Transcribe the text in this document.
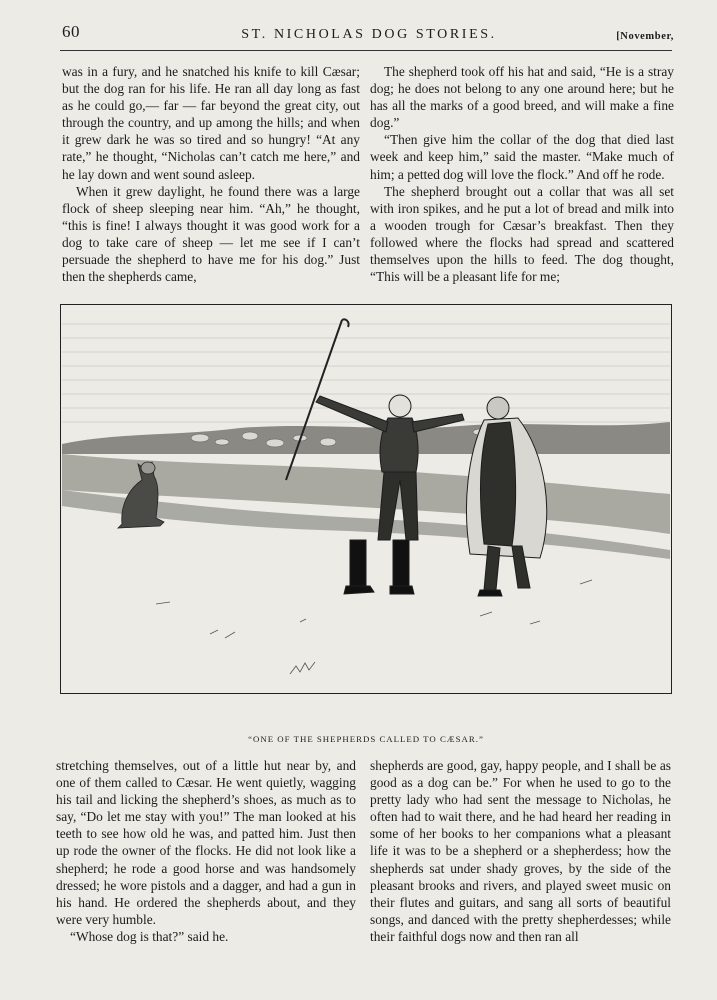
60	ST. NICHOLAS DOG STORIES.	[November,

was in a fury, and he snatched his knife to kill Cæsar; but the dog ran for his life. He ran all day long as fast as he could go,— far — far beyond the great city, out through the country, and up among the hills; and when it grew dark he was so tired and so hungry! “At any rate,” he thought, “Nicholas can’t catch me here,” and he lay down and went sound asleep.

When it grew daylight, he found there was a large flock of sheep sleeping near him. “Ah,” he thought, “this is fine! I always thought it was good work for a dog to take care of sheep — let me see if I can’t persuade the shepherd to have me for his dog.” Just then the shepherds came,

The shepherd took off his hat and said, “He is a stray dog; he does not belong to any one around here; but he has all the marks of a good breed, and will make a fine dog.”

“Then give him the collar of the dog that died last week and keep him,” said the master. “Make much of him; a petted dog will love the flock.” And off he rode.

The shepherd brought out a collar that was all set with iron spikes, and he put a lot of bread and milk into a wooden trough for Cæsar’s breakfast. Then they followed where the flocks had spread and scattered themselves upon the hills to feed. The dog thought, “This will be a pleasant life for me;

“ONE OF THE SHEPHERDS CALLED TO CÆSAR.”

stretching themselves, out of a little hut near by, and one of them called to Cæsar. He went quietly, wagging his tail and licking the shepherd’s shoes, as much as to say, “Do let me stay with you!” The man looked at his teeth to see how old he was, and patted him. Just then up rode the owner of the flocks. He did not look like a shepherd; he rode a good horse and was handsomely dressed; he wore pistols and a dagger, and had a gun in his hand. He ordered the shepherds about, and they were very humble.

“Whose dog is that?” said he.

shepherds are good, gay, happy people, and I shall be as good as a dog can be.” For when he used to go to the pretty lady who had sent the message to Nicholas, he often had to wait there, and he had heard her reading in some of her books to her companions what a pleasant life it was to be a shepherd or a shepherdess; how the shepherds sat under shady groves, by the side of the pleasant brooks and rivers, and played sweet music on their flutes and guitars, and sang all sorts of beautiful songs, and danced with the pretty shepherdesses; while their faithful dogs now and then ran all
